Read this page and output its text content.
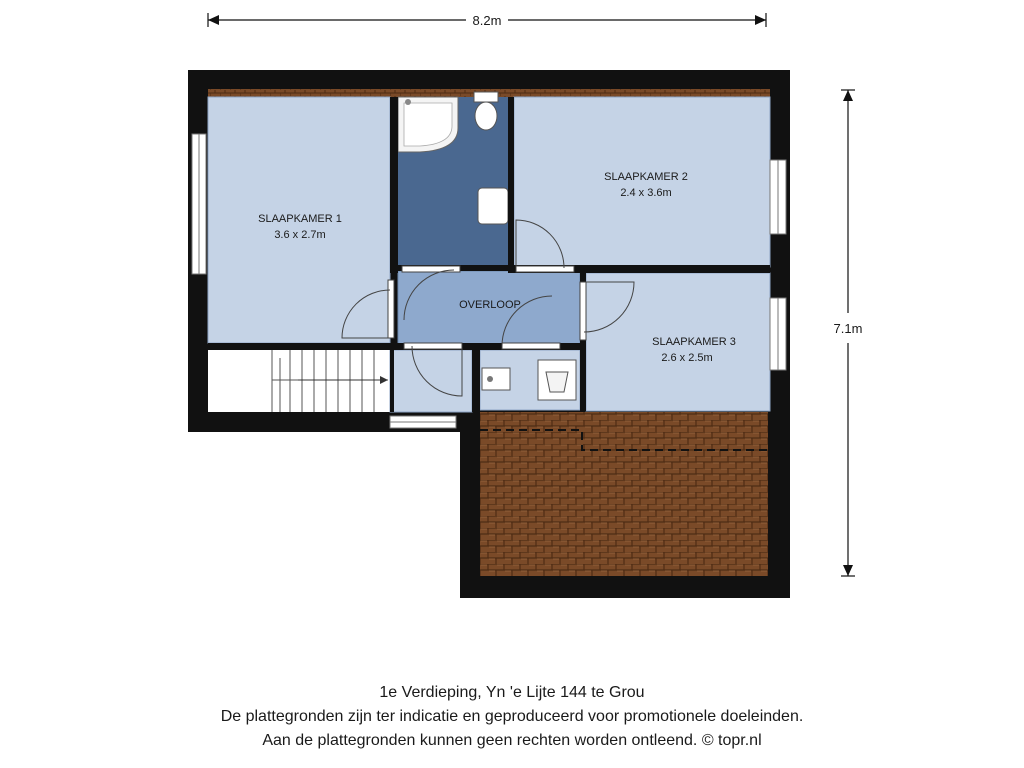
8.2m
7.1m
SLAAPKAMER 1
3.6 x 2.7m
SLAAPKAMER 2
2.4 x 3.6m
SLAAPKAMER 3
2.6 x 2.5m
OVERLOOP
1e Verdieping, Yn 'e Lijte 144 te Grou
De plattegronden zijn ter indicatie en geproduceerd voor promotionele doeleinden.
Aan de plattegronden kunnen geen rechten worden ontleend. © topr.nl
